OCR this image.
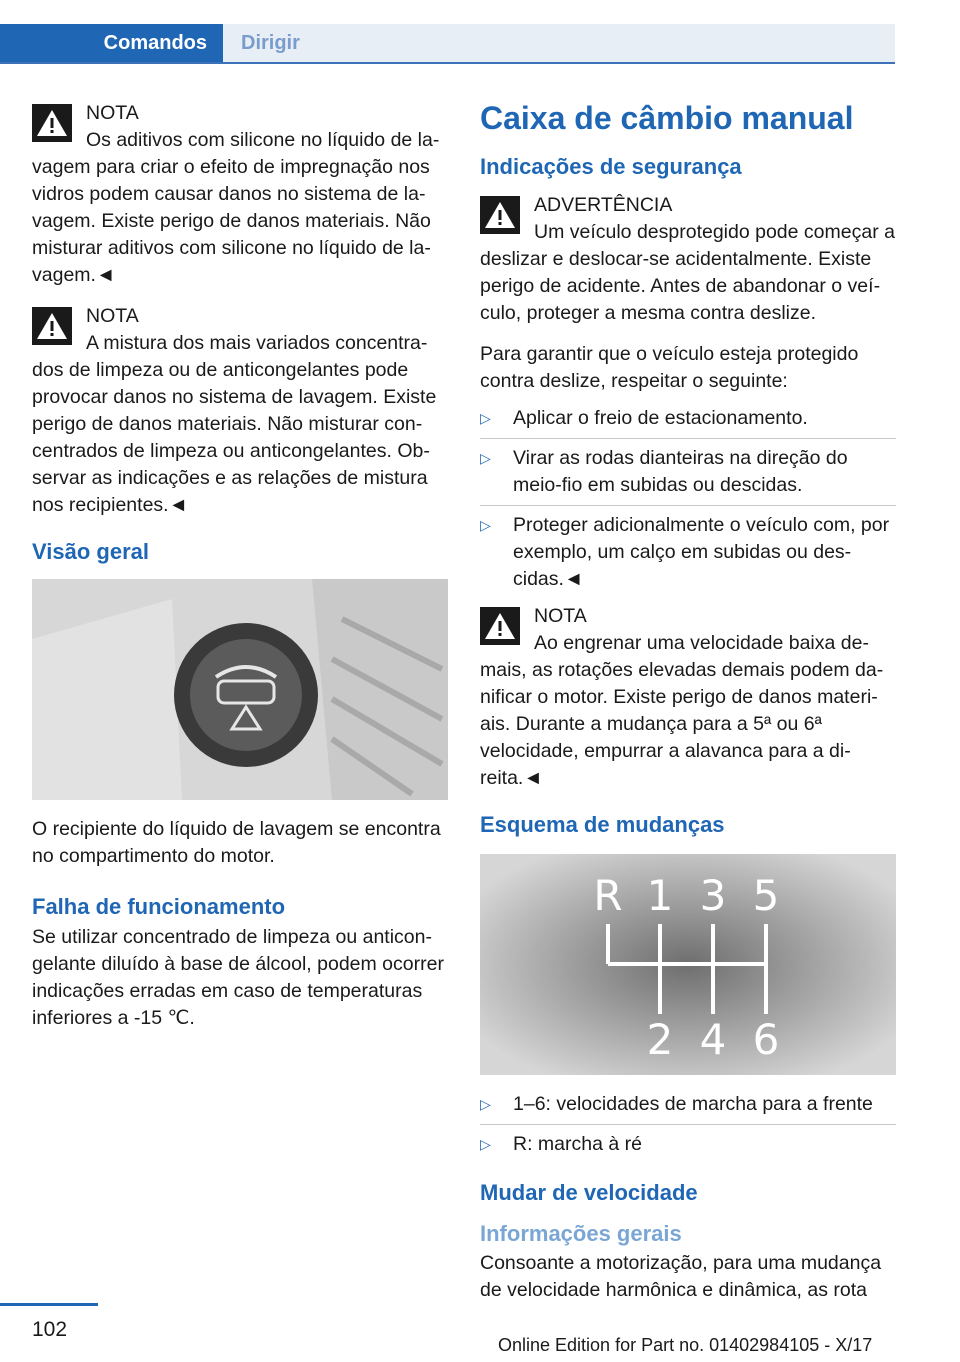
Comandos	Dirigir
NOTA
Os aditivos com silicone no líquido de lavagem para criar o efeito de impregnação nos vidros podem causar danos no sistema de lavagem. Existe perigo de danos materiais. Não misturar aditivos com silicone no líquido de lavagem.◄
NOTA
A mistura dos mais variados concentrados de limpeza ou de anticongelantes pode provocar danos no sistema de lavagem. Existe perigo de danos materiais. Não misturar concentrados de limpeza ou anticongelantes. Observar as indicações e as relações de mistura nos recipientes.◄
Visão geral

O recipiente do líquido de lavagem se encontra no compartimento do motor.

Falha de funcionamento

Se utilizar concentrado de limpeza ou anticongelante diluído à base de álcool, podem ocorrer indicações erradas em caso de temperaturas inferiores a -15 ℃.

Caixa de câmbio manual
Indicações de segurança
ADVERTÊNCIA
Um veículo desprotegido pode começar a deslizar e deslocar-se acidentalmente. Existe perigo de acidente. Antes de abandonar o veículo, proteger a mesma contra deslize.

Para garantir que o veículo esteja protegido contra deslize, respeitar o seguinte:

▷ Aplicar o freio de estacionamento.
▷ Virar as rodas dianteiras na direção do meio-fio em subidas ou descidas.
▷ Proteger adicionalmente o veículo com, por exemplo, um calço em subidas ou descidas.◄
NOTA
Ao engrenar uma velocidade baixa demais, as rotações elevadas demais podem danificar o motor. Existe perigo de danos materiais. Durante a mudança para a 5ª ou 6ª velocidade, empurrar a alavanca para a direita.◄
Esquema de mudanças
R 1 3 5
2 4 6
▷ 1–6: velocidades de marcha para a frente
▷ R: marcha à ré
Mudar de velocidade
Informações gerais

Consoante a motorização, para uma mudança de velocidade harmônica e dinâmica, as rota

102
Online Edition for Part no. 01402984105 - X/17
